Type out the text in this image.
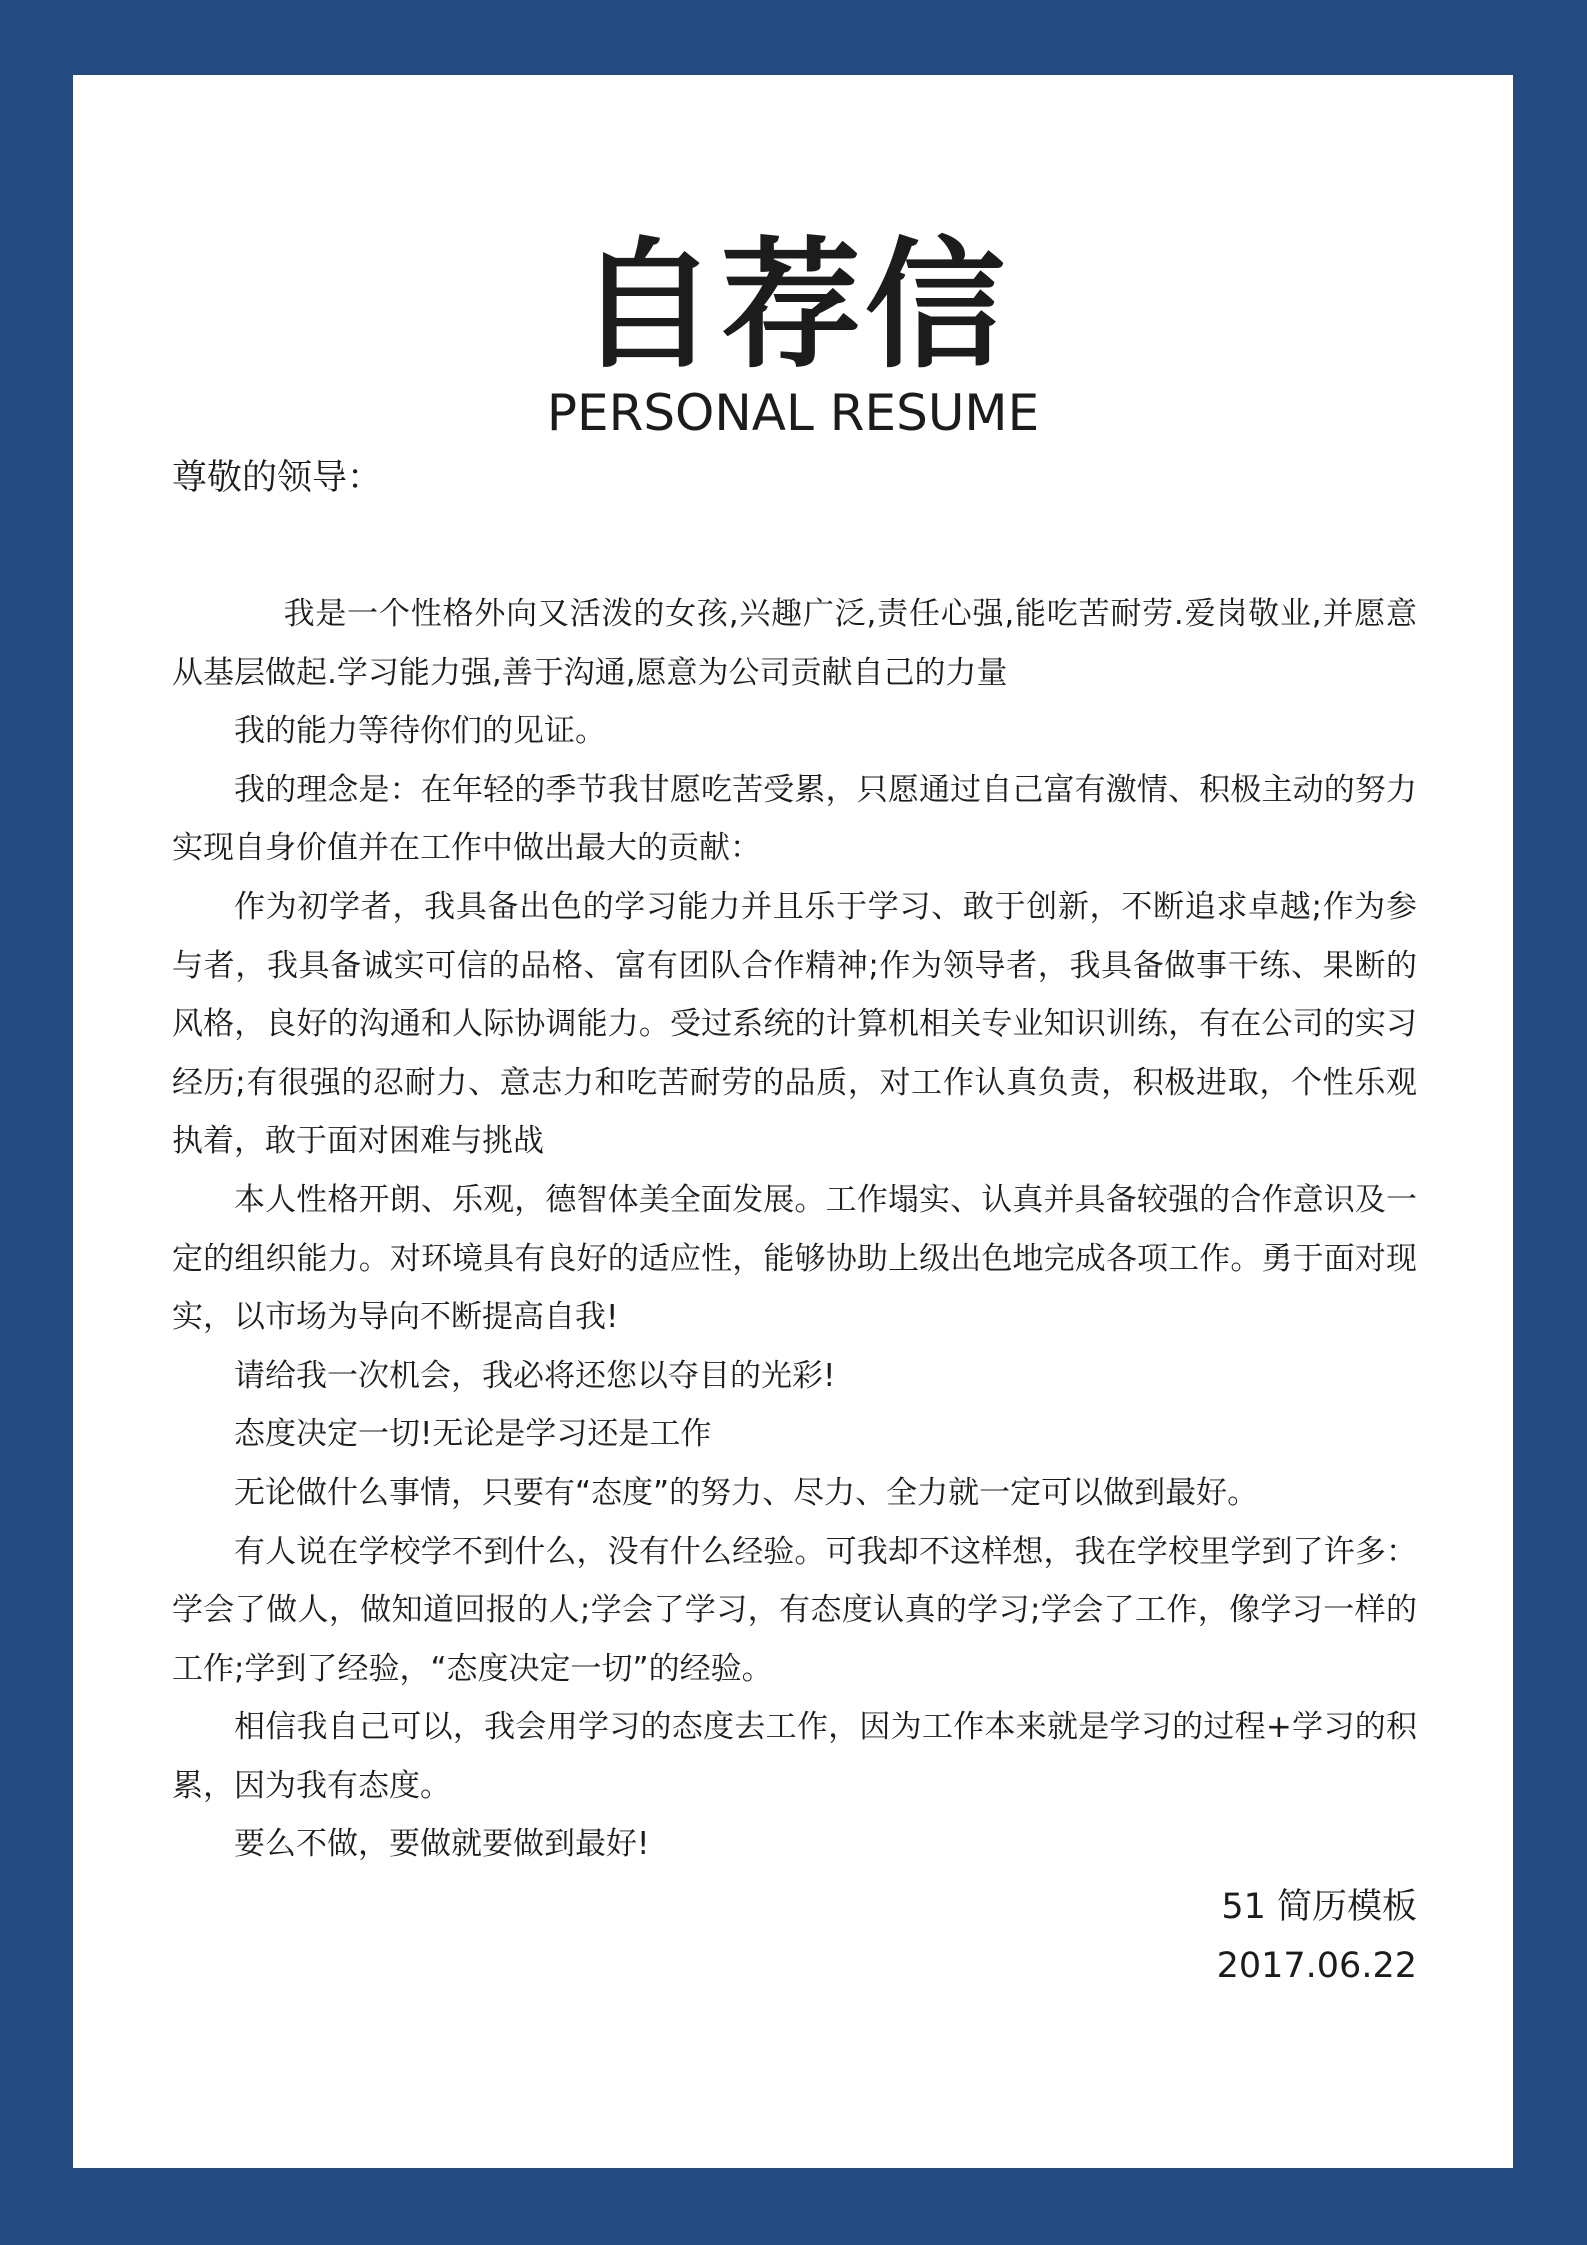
自荐信
PERSONAL RESUME
尊敬的领导：

我是一个性格外向又活泼的女孩,兴趣广泛,责任心强,能吃苦耐劳.爱岗敬业,并愿意从基层做起.学习能力强,善于沟通,愿意为公司贡献自己的力量

我的能力等待你们的见证。

我的理念是：在年轻的季节我甘愿吃苦受累，只愿通过自己富有激情、积极主动的努力实现自身价值并在工作中做出最大的贡献：

作为初学者，我具备出色的学习能力并且乐于学习、敢于创新，不断追求卓越;作为参与者，我具备诚实可信的品格、富有团队合作精神;作为领导者，我具备做事干练、果断的风格，良好的沟通和人际协调能力。受过系统的计算机相关专业知识训练，有在公司的实习经历;有很强的忍耐力、意志力和吃苦耐劳的品质，对工作认真负责，积极进取，个性乐观执着，敢于面对困难与挑战

本人性格开朗、乐观，德智体美全面发展。工作塌实、认真并具备较强的合作意识及一定的组织能力。对环境具有良好的适应性，能够协助上级出色地完成各项工作。勇于面对现实，以市场为导向不断提高自我!

请给我一次机会，我必将还您以夺目的光彩!

态度决定一切!无论是学习还是工作

无论做什么事情，只要有“态度”的努力、尽力、全力就一定可以做到最好。

有人说在学校学不到什么，没有什么经验。可我却不这样想，我在学校里学到了许多：学会了做人，做知道回报的人;学会了学习，有态度认真的学习;学会了工作，像学习一样的工作;学到了经验，“态度决定一切”的经验。

相信我自己可以，我会用学习的态度去工作，因为工作本来就是学习的过程+学习的积累，因为我有态度。

要么不做，要做就要做到最好!

51 简历模板
2017.06.22
